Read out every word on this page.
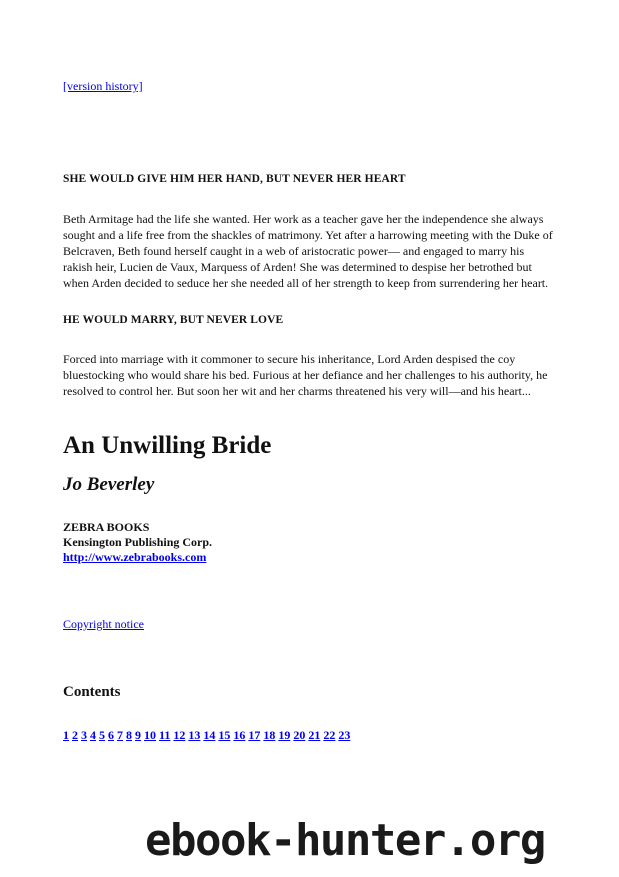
[version history]
SHE WOULD GIVE HIM HER HAND, BUT NEVER HER HEART
Beth Armitage had the life she wanted. Her work as a teacher gave her the independence she always sought and a life free from the shackles of matrimony. Yet after a harrowing meeting with the Duke of Belcraven, Beth found herself caught in a web of aristocratic power— and engaged to marry his rakish heir, Lucien de Vaux, Marquess of Arden! She was determined to despise her betrothed but when Arden decided to seduce her she needed all of her strength to keep from surrendering her heart.
HE WOULD MARRY, BUT NEVER LOVE
Forced into marriage with it commoner to secure his inheritance, Lord Arden despised the coy bluestocking who would share his bed. Furious at her defiance and her challenges to his authority, he resolved to control her. But soon her wit and her charms threatened his very will—and his heart...
An Unwilling Bride
Jo Beverley
ZEBRA BOOKS
Kensington Publishing Corp.
http://www.zebrabooks.com
Copyright notice
Contents
1 2 3 4 5 6 7 8 9 10 11 12 13 14 15 16 17 18 19 20 21 22 23
ebook-hunter.org
